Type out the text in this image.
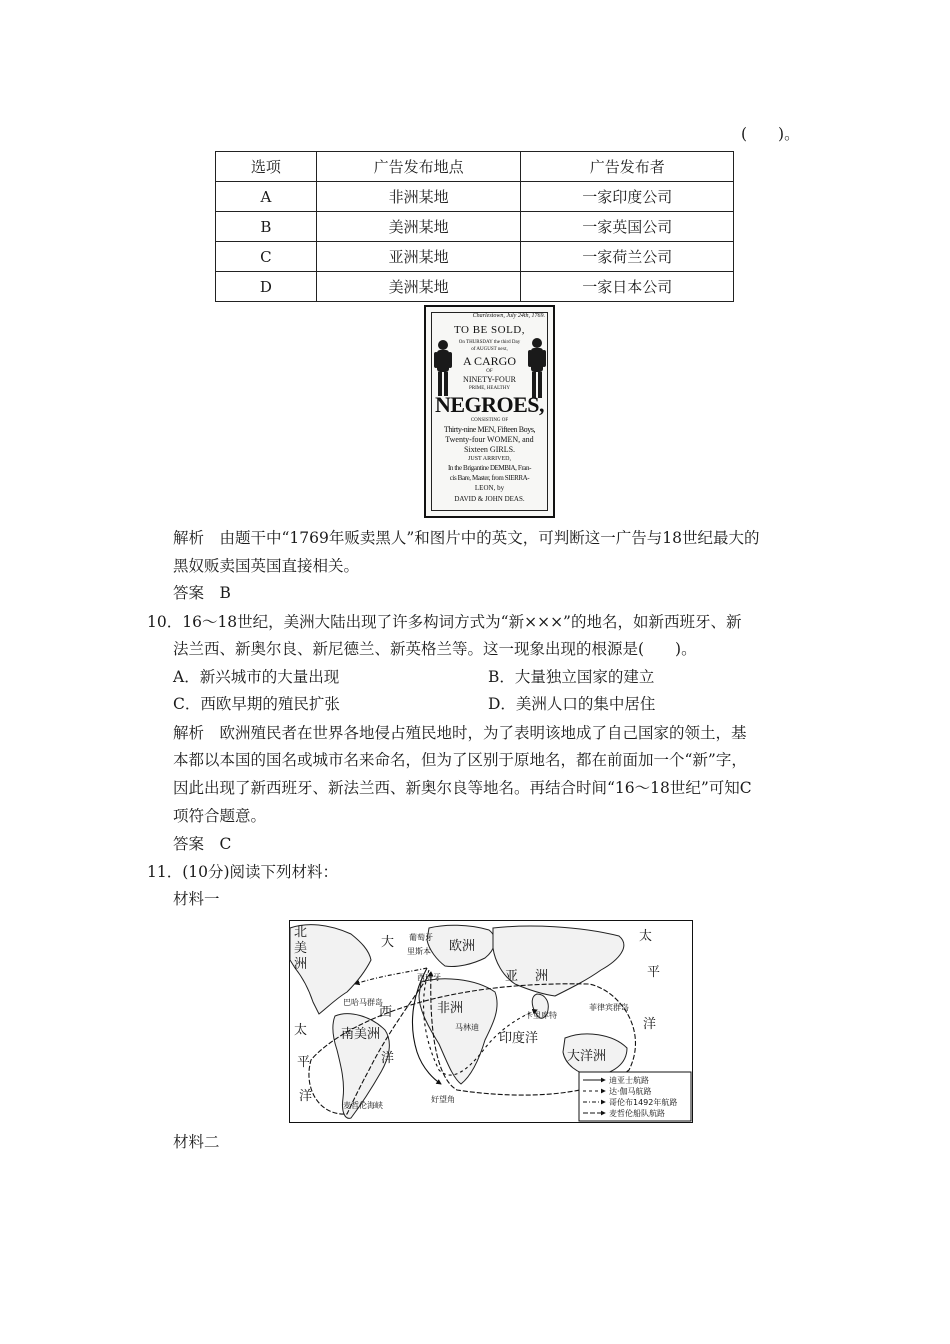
(　　)。
选项	广告发布地点	广告发布者
A	非洲某地	一家印度公司
B	美洲某地	一家英国公司
C	亚洲某地	一家荷兰公司
D	美洲某地	一家日本公司
Charlestown, July 24th, 1769.
TO BE SOLD,
On THURSDAY the third Day
of AUGUST next,
A CARGO
OF
NINETY-FOUR
PRIME, HEALTHY
NEGROES,
CONSISTING OF
Thirty-nine MEN, Fifteen Boys,
Twenty-four WOMEN, and
Sixteen GIRLS.
JUST ARRIVED,
In the Brigantine DEMBIA, Fran-
cis Bare, Master, from SIERRA-
LEON, by
DAVID & JOHN DEAS.
解析　由题干中“1769年贩卖黑人”和图片中的英文，可判断这一广告与18世纪最大的
黑奴贩卖国英国直接相关。
答案　B
10．16～18世纪，美洲大陆出现了许多构词方式为“新×××”的地名，如新西班牙、新
法兰西、新奥尔良、新尼德兰、新英格兰等。这一现象出现的根源是(　　)。
A．新兴城市的大量出现	B．大量独立国家的建立
C．西欧早期的殖民扩张	D．美洲人口的集中居住
解析　欧洲殖民者在世界各地侵占殖民地时，为了表明该地成了自己国家的领土，基
本都以本国的国名或城市名来命名，但为了区别于原地名，都在前面加一个“新”字，
因此出现了新西班牙、新法兰西、新奥尔良等地名。再结合时间“16～18世纪”可知C
项符合题意。
答案　C
11．(10分)阅读下列材料：
材料一
北
美
洲
大
西
洋
葡萄牙
里斯本
西班牙
欧洲
亚 洲
非洲
巴哈马群岛
南美洲
太
平
洋
太
平
洋
卡里库特
菲律宾群岛
马林迪
印度洋
大洋洲
好望角
麦哲伦海峡
迪亚士航路
达·伽马航路
哥伦布1492年航路
麦哲伦船队航路
材料二
